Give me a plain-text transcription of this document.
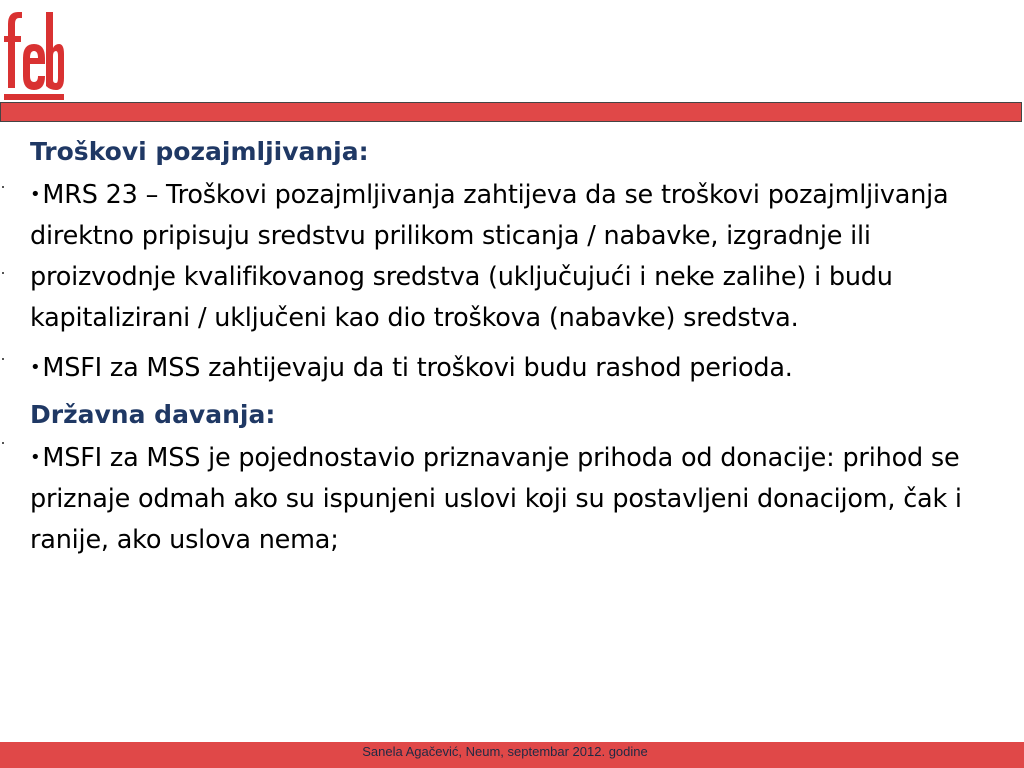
Troškovi pozajmljivanja:
•MRS 23 – Troškovi pozajmljivanja zahtijeva da se troškovi pozajmljivanja direktno pripisuju sredstvu prilikom sticanja / nabavke, izgradnje ili proizvodnje kvalifikovanog sredstva (uključujući i neke zalihe) i budu kapitalizirani / uključeni kao dio troškova (nabavke) sredstva.
•MSFI za MSS zahtijevaju da ti troškovi budu rashod perioda.
Državna davanja:
•MSFI za MSS je pojednostavio priznavanje prihoda od donacije: prihod se priznaje odmah ako su ispunjeni uslovi koji su postavljeni donacijom, čak i ranije, ako uslova nema;
Sanela Agačević, Neum, septembar 2012. godine
